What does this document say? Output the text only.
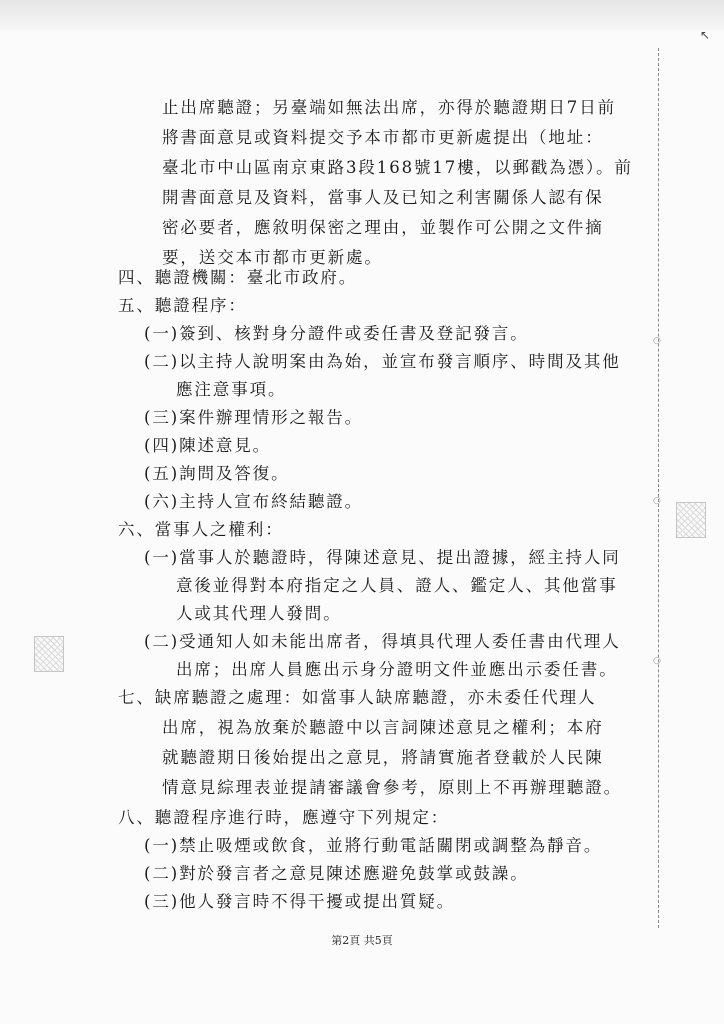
↖
○
○
○
止出席聽證；另臺端如無法出席，亦得於聽證期日7日前
將書面意見或資料提交予本市都市更新處提出（地址：
臺北市中山區南京東路3段168號17樓，以郵戳為憑）。前
開書面意見及資料，當事人及已知之利害關係人認有保
密必要者，應敘明保密之理由，並製作可公開之文件摘
要，送交本市都市更新處。
四、聽證機關：臺北市政府。
五、聽證程序：
(一)簽到、核對身分證件或委任書及登記發言。
(二)以主持人說明案由為始，並宣布發言順序、時間及其他
應注意事項。
(三)案件辦理情形之報告。
(四)陳述意見。
(五)詢問及答復。
(六)主持人宣布終結聽證。
六、當事人之權利：
(一)當事人於聽證時，得陳述意見、提出證據，經主持人同
意後並得對本府指定之人員、證人、鑑定人、其他當事
人或其代理人發問。
(二)受通知人如未能出席者，得填具代理人委任書由代理人
出席；出席人員應出示身分證明文件並應出示委任書。
七、缺席聽證之處理：如當事人缺席聽證，亦未委任代理人
出席，視為放棄於聽證中以言詞陳述意見之權利；本府
就聽證期日後始提出之意見，將請實施者登載於人民陳
情意見綜理表並提請審議會參考，原則上不再辦理聽證。
八、聽證程序進行時，應遵守下列規定：
(一)禁止吸煙或飲食，並將行動電話關閉或調整為靜音。
(二)對於發言者之意見陳述應避免鼓掌或鼓譟。
(三)他人發言時不得干擾或提出質疑。
第2頁 共5頁
